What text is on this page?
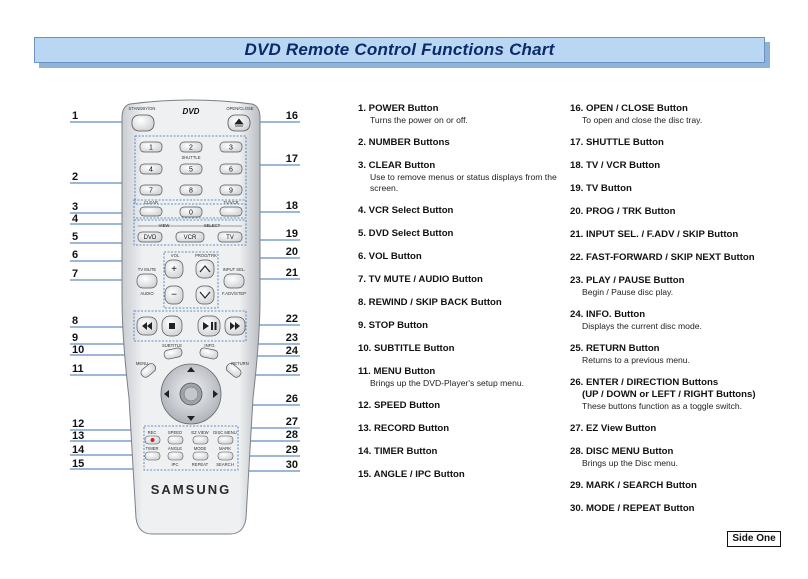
DVD Remote Control Functions Chart
1
2
3
4
5
6
7
8
9
10
11
12
13
14
15
16
17
18
19
20
21
22
23
24
25
26
27
28
29
30
STANDBY/ON	DVD	OPEN/CLOSE
1	2	3
SHUTTLE
4	5	6
7	8	9
CLEAR
0
TV/VCR
VIEW	SELECT
DVD	VCR	TV
VOL	PROG/TRK
+
−
TV MUTE
AUDIO
INPUT SEL.
F.ADV/STEP
SUBTITLE	INFO.
MENU	RETURN
REC	SPEED EZ VIEW DISC MENU
TIMER ANGLE	MODE	MARK
IPC	REPEAT SEARCH
SAMSUNG
1. POWER Button
Turns the power on or off.
2. NUMBER Buttons
3. CLEAR Button
Use to remove menus or status displays from the screen.
4. VCR Select Button
5. DVD Select Button
6. VOL Button
7. TV MUTE / AUDIO Button
8. REWIND / SKIP BACK Button
9. STOP Button
10. SUBTITLE Button
11. MENU Button
Brings up the DVD-Player's setup menu.
12. SPEED Button
13. RECORD Button
14. TIMER Button
15. ANGLE / IPC Button
16. OPEN / CLOSE Button
To open and close the disc tray.
17. SHUTTLE Button
18. TV / VCR Button
19. TV Button
20. PROG / TRK Button
21. INPUT SEL. / F.ADV / SKIP Button
22. FAST-FORWARD / SKIP NEXT Button
23. PLAY / PAUSE Button
Begin / Pause disc play.
24. INFO. Button
Displays the current disc mode.
25. RETURN Button
Returns to a previous menu.
26. ENTER / DIRECTION Buttons
(UP / DOWN or LEFT / RIGHT Buttons)
These buttons function as a toggle switch.
27. EZ View Button
28. DISC MENU Button
Brings up the Disc menu.
29. MARK / SEARCH Button
30. MODE / REPEAT Button
Side One
